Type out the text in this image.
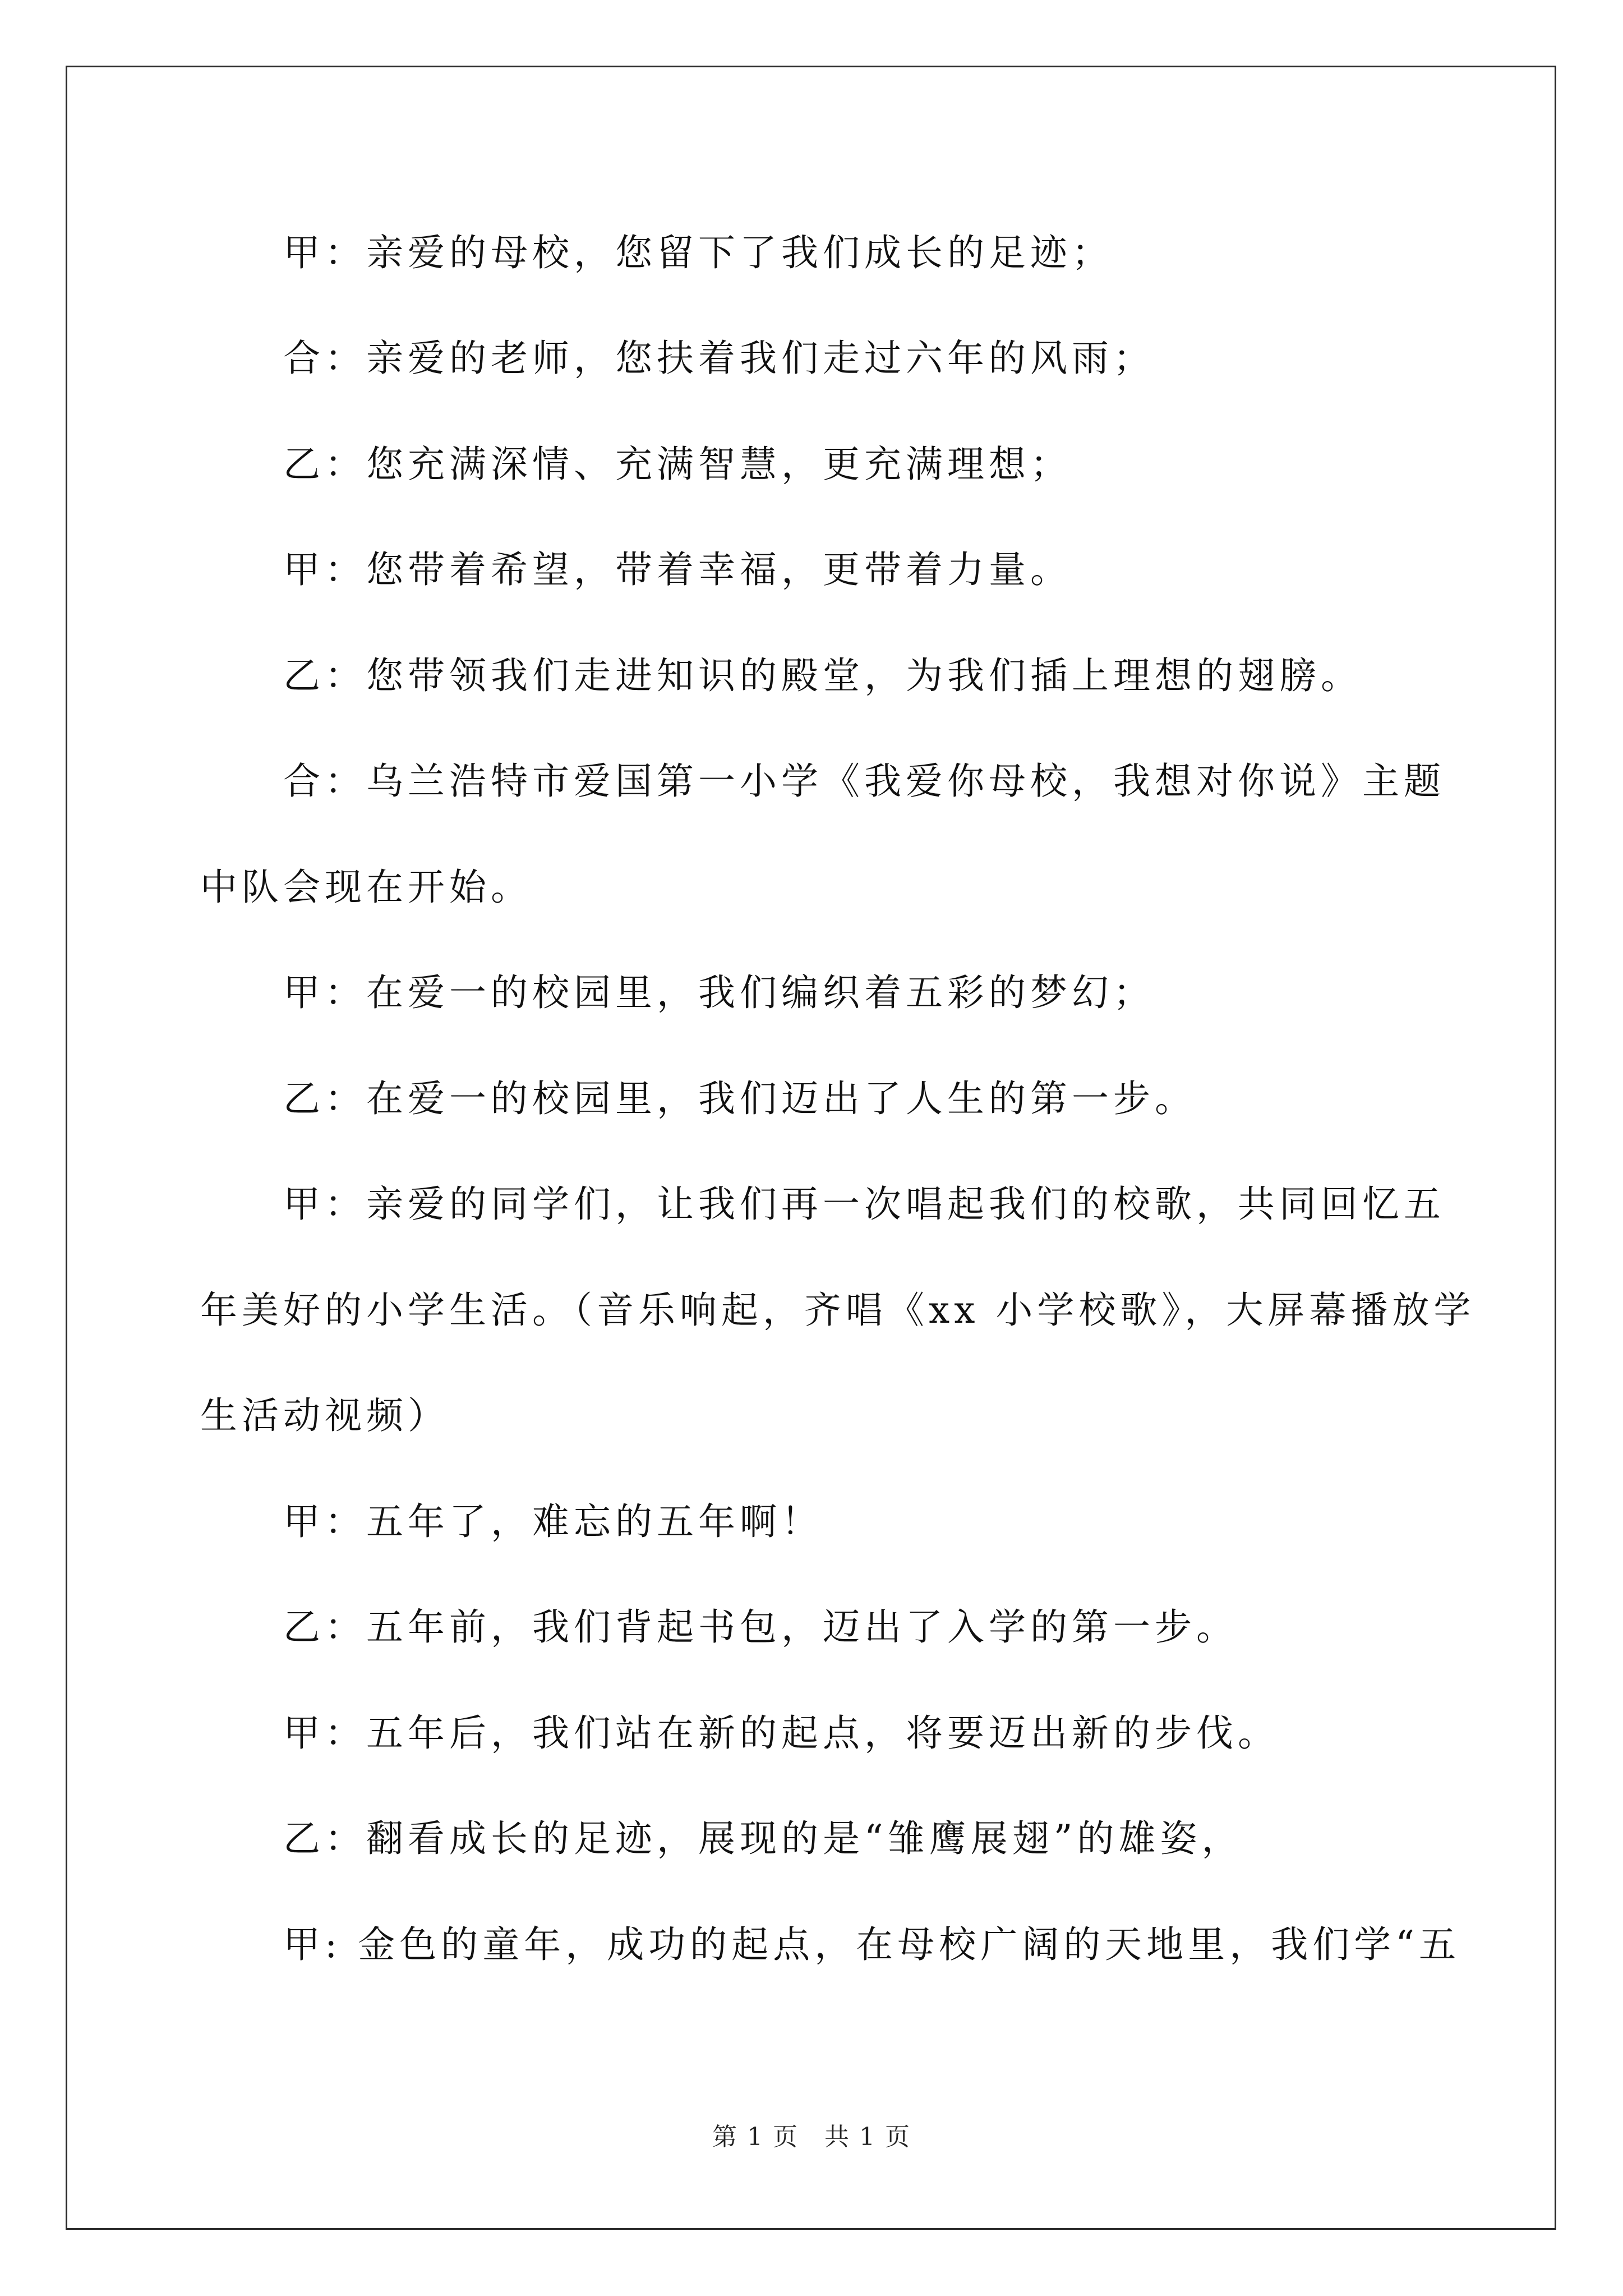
甲：亲爱的母校，您留下了我们成长的足迹；
合：亲爱的老师，您扶着我们走过六年的风雨；
乙：您充满深情、充满智慧，更充满理想；
甲：您带着希望，带着幸福，更带着力量。
乙：您带领我们走进知识的殿堂，为我们插上理想的翅膀。
合：乌兰浩特市爱国第一小学《我爱你母校，我想对你说》主题
中队会现在开始。
甲：在爱一的校园里，我们编织着五彩的梦幻；
乙：在爱一的校园里，我们迈出了人生的第一步。
甲：亲爱的同学们，让我们再一次唱起我们的校歌，共同回忆五
年美好的小学生活。（音乐响起，齐唱《xx 小学校歌》，大屏幕播放学
生活动视频）
甲：五年了，难忘的五年啊！
乙：五年前，我们背起书包，迈出了入学的第一步。
甲：五年后，我们站在新的起点，将要迈出新的步伐。
乙：翻看成长的足迹，展现的是“雏鹰展翅”的雄姿，
甲: 金色的童年，成功的起点，在母校广阔的天地里，我们学“五
第 1 页　共 1 页
